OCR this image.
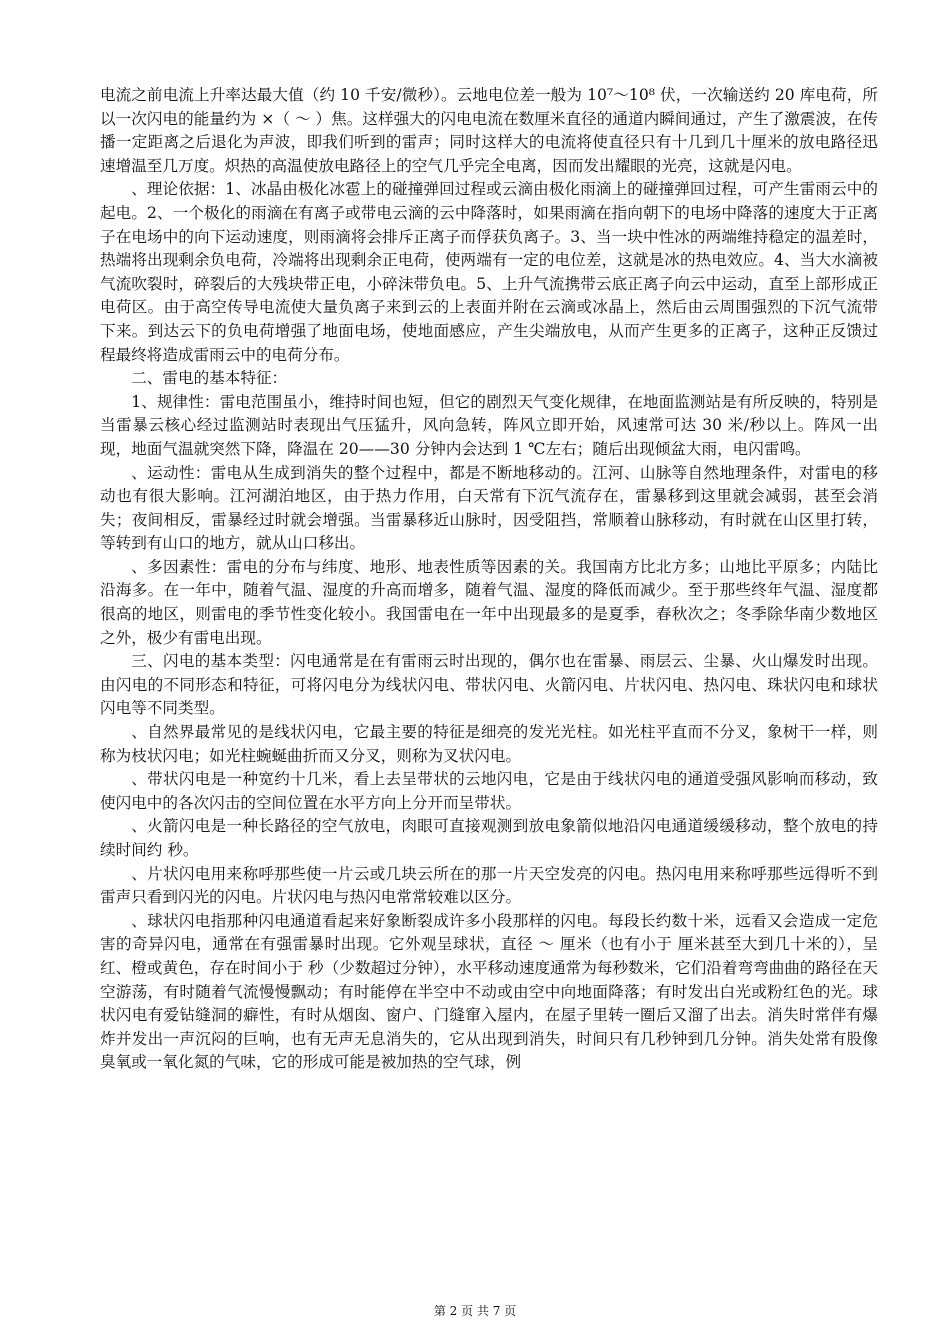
电流之前电流上升率达最大值（约 10 千安/微秒）。云地电位差一般为 10⁷～10⁸ 伏，一次输送约 20 库电荷，所以一次闪电的能量约为 ×（ ～ ）焦。这样强大的闪电电流在数厘米直径的通道内瞬间通过，产生了激震波，在传播一定距离之后退化为声波，即我们听到的雷声；同时这样大的电流将使直径只有十几到几十厘米的放电路径迅速增温至几万度。炽热的高温使放电路径上的空气几乎完全电离，因而发出耀眼的光亮，这就是闪电。

、理论依据：1、冰晶由极化冰雹上的碰撞弹回过程或云滴由极化雨滴上的碰撞弹回过程，可产生雷雨云中的起电。2、一个极化的雨滴在有离子或带电云滴的云中降落时，如果雨滴在指向朝下的电场中降落的速度大于正离子在电场中的向下运动速度，则雨滴将会排斥正离子而俘获负离子。3、当一块中性冰的两端维持稳定的温差时，热端将出现剩余负电荷，冷端将出现剩余正电荷，使两端有一定的电位差，这就是冰的热电效应。4、当大水滴被气流吹裂时，碎裂后的大残块带正电，小碎沫带负电。5、上升气流携带云底正离子向云中运动，直至上部形成正电荷区。由于高空传导电流使大量负离子来到云的上表面并附在云滴或冰晶上，然后由云周围强烈的下沉气流带下来。到达云下的负电荷增强了地面电场，使地面感应，产生尖端放电，从而产生更多的正离子，这种正反馈过程最终将造成雷雨云中的电荷分布。

二、雷电的基本特征：

1、规律性：雷电范围虽小，维持时间也短，但它的剧烈天气变化规律，在地面监测站是有所反映的，特别是当雷暴云核心经过监测站时表现出气压猛升，风向急转，阵风立即开始，风速常可达 30 米/秒以上。阵风一出现，地面气温就突然下降，降温在 20——30 分钟内会达到 1 ℃左右；随后出现倾盆大雨，电闪雷鸣。

、运动性：雷电从生成到消失的整个过程中，都是不断地移动的。江河、山脉等自然地理条件，对雷电的移动也有很大影响。江河湖泊地区，由于热力作用，白天常有下沉气流存在，雷暴移到这里就会减弱，甚至会消失；夜间相反，雷暴经过时就会增强。当雷暴移近山脉时，因受阻挡，常顺着山脉移动，有时就在山区里打转，等转到有山口的地方，就从山口移出。

、多因素性：雷电的分布与纬度、地形、地表性质等因素的关。我国南方比北方多；山地比平原多；内陆比沿海多。在一年中，随着气温、湿度的升高而增多，随着气温、湿度的降低而减少。至于那些终年气温、湿度都很高的地区，则雷电的季节性变化较小。我国雷电在一年中出现最多的是夏季，春秋次之；冬季除华南少数地区之外，极少有雷电出现。

三、闪电的基本类型：闪电通常是在有雷雨云时出现的，偶尔也在雷暴、雨层云、尘暴、火山爆发时出现。由闪电的不同形态和特征，可将闪电分为线状闪电、带状闪电、火箭闪电、片状闪电、热闪电、珠状闪电和球状闪电等不同类型。

、自然界最常见的是线状闪电，它最主要的特征是细亮的发光光柱。如光柱平直而不分叉，象树干一样，则称为枝状闪电；如光柱蜿蜒曲折而又分叉，则称为叉状闪电。

、带状闪电是一种宽约十几米，看上去呈带状的云地闪电，它是由于线状闪电的通道受强风影响而移动，致使闪电中的各次闪击的空间位置在水平方向上分开而呈带状。

、火箭闪电是一种长路径的空气放电，肉眼可直接观测到放电象箭似地沿闪电通道缓缓移动，整个放电的持续时间约 秒。

、片状闪电用来称呼那些使一片云或几块云所在的那一片天空发亮的闪电。热闪电用来称呼那些远得听不到雷声只看到闪光的闪电。片状闪电与热闪电常常较难以区分。

、球状闪电指那种闪电通道看起来好象断裂成许多小段那样的闪电。每段长约数十米，远看又会造成一定危害的奇异闪电，通常在有强雷暴时出现。它外观呈球状，直径 ～ 厘米（也有小于 厘米甚至大到几十米的），呈红、橙或黄色，存在时间小于 秒（少数超过分钟），水平移动速度通常为每秒数米，它们沿着弯弯曲曲的路径在天空游荡，有时随着气流慢慢飘动；有时能停在半空中不动或由空中向地面降落；有时发出白光或粉红色的光。球状闪电有爱钻缝洞的癖性，有时从烟囱、窗户、门缝窜入屋内，在屋子里转一圈后又溜了出去。消失时常伴有爆炸并发出一声沉闷的巨响，也有无声无息消失的，它从出现到消失，时间只有几秒钟到几分钟。消失处常有股像臭氧或一氧化氮的气味，它的形成可能是被加热的空气球，例

第 2 页 共 7 页
